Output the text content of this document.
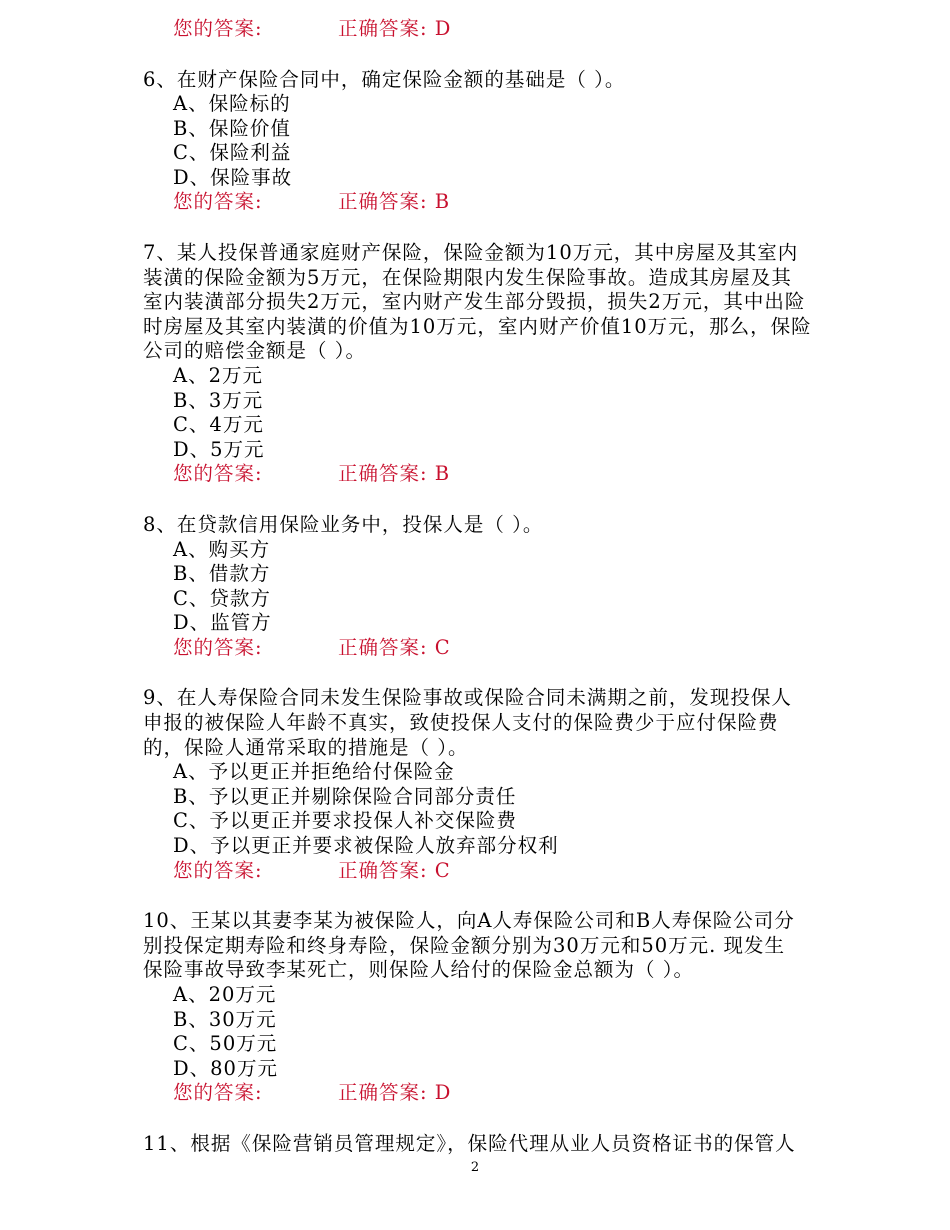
您的答案:	正确答案: D
6、在财产保险合同中，确定保险金额的基础是（ ）。
A、保险标的
B、保险价值
C、保险利益
D、保险事故
您的答案:	正确答案: B
7、某人投保普通家庭财产保险，保险金额为10万元，其中房屋及其室内
装潢的保险金额为5万元，在保险期限内发生保险事故。造成其房屋及其
室内装潢部分损失2万元，室内财产发生部分毁损，损失2万元，其中出险
时房屋及其室内装潢的价值为10万元，室内财产价值10万元，那么，保险
公司的赔偿金额是（ ）。
A、2万元
B、3万元
C、4万元
D、5万元
您的答案:	正确答案: B
8、在贷款信用保险业务中，投保人是（ ）。
A、购买方
B、借款方
C、贷款方
D、监管方
您的答案:	正确答案: C
9、在人寿保险合同未发生保险事故或保险合同未满期之前，发现投保人
申报的被保险人年龄不真实，致使投保人支付的保险费少于应付保险费
的，保险人通常采取的措施是（ ）。
A、予以更正并拒绝给付保险金
B、予以更正并剔除保险合同部分责任
C、予以更正并要求投保人补交保险费
D、予以更正并要求被保险人放弃部分权利
您的答案:	正确答案: C
10、王某以其妻李某为被保险人，向A人寿保险公司和B人寿保险公司分
别投保定期寿险和终身寿险，保险金额分别为30万元和50万元. 现发生
保险事故导致李某死亡，则保险人给付的保险金总额为（ ）。
A、20万元
B、30万元
C、50万元
D、80万元
您的答案:	正确答案: D
11、根据《保险营销员管理规定》，保险代理从业人员资格证书的保管人
2
